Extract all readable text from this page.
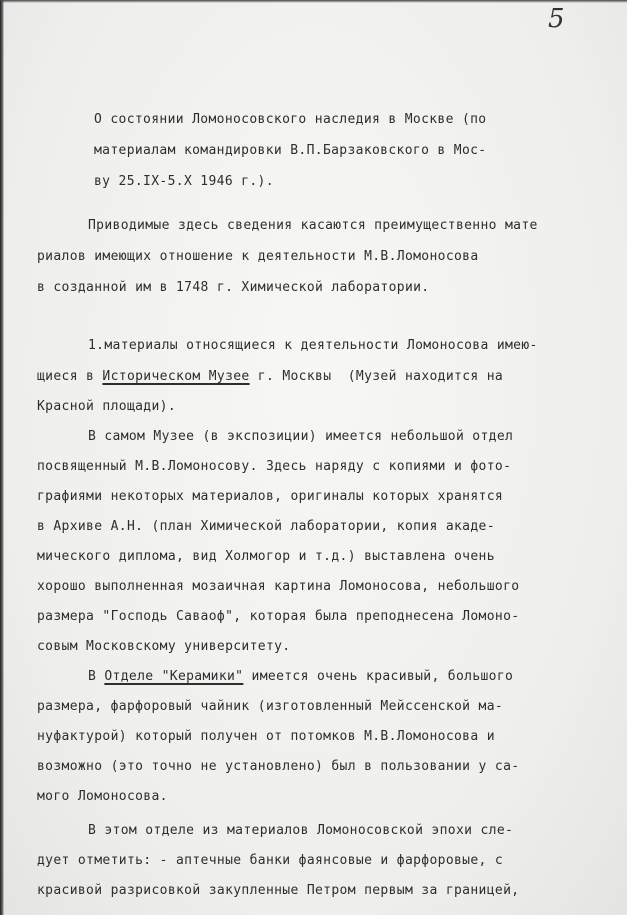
5
О состоянии Ломоносовского наследия в Москве (по
материалам командировки В.П.Барзаковского в Мос-
ву 25.IX-5.X 1946 г.).
Приводимые здесь сведения касаются преимущественно мате
риалов имеющих отношение к деятельности М.В.Ломоносова
в созданной им в 1748 г. Химической лаборатории.
1.материалы относящиеся к деятельности Ломоносова имею-
щиеся в Историческом Музее г. Москвы  (Музей находится на
Красной площади).
В самом Музее (в экспозиции) имеется небольшой отдел
посвященный М.В.Ломоносову. Здесь наряду с копиями и фото-
графиями некоторых материалов, оригиналы которых хранятся
в Архиве А.Н. (план Химической лаборатории, копия акаде-
мического диплома, вид Холмогор и т.д.) выставлена очень
хорошо выполненная мозаичная картина Ломоносова, небольшого
размера "Господь Саваоф", которая была преподнесена Ломоно-
совым Московскому университету.
В Отделе "Керамики" имеется очень красивый, большого
размера, фарфоровый чайник (изготовленный Мейссенской ма-
нуфактурой) который получен от потомков М.В.Ломоносова и
возможно (это точно не установлено) был в пользовании у са-
мого Ломоносова.
В этом отделе из материалов Ломоносовской эпохи сле-
дует отметить: - аптечные банки фаянсовые и фарфоровые, с
красивой разрисовкой закупленные Петром первым за границей,
